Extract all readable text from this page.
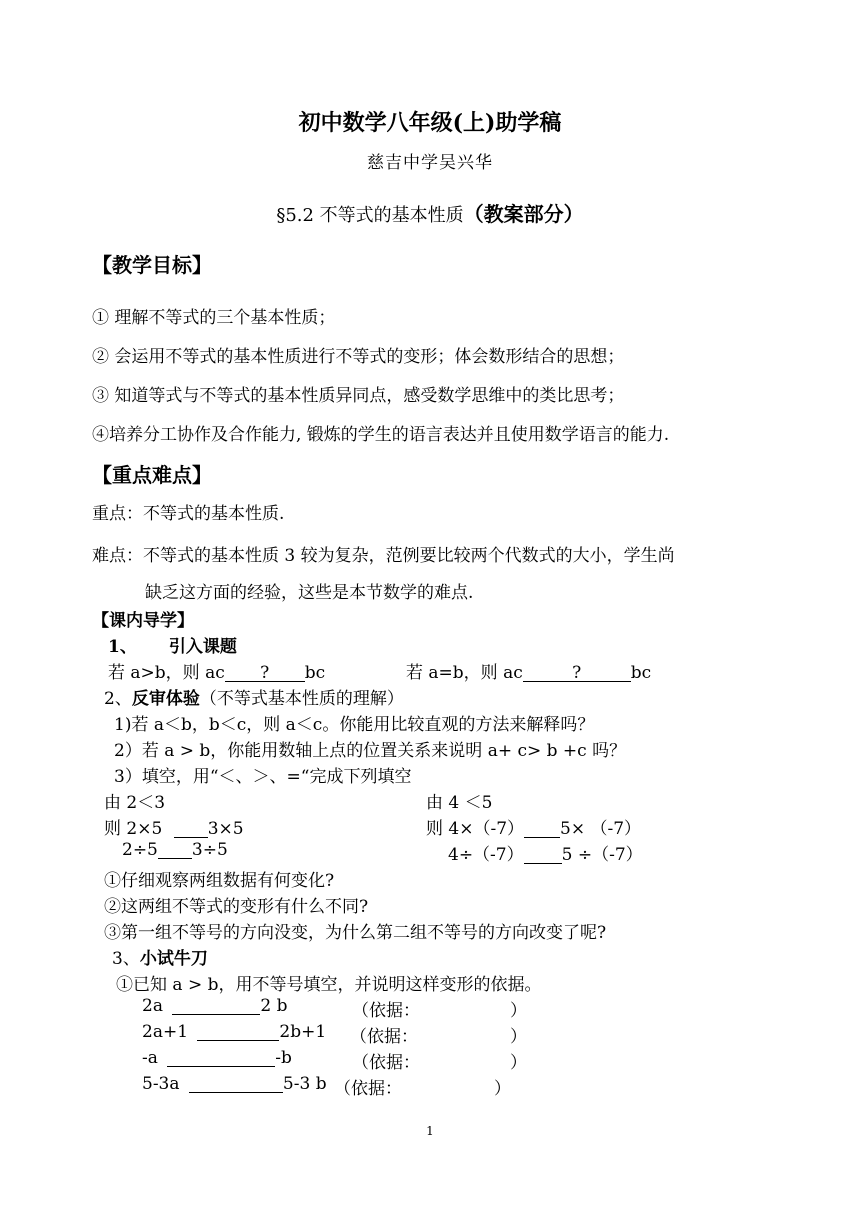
初中数学八年级(上)助学稿
慈吉中学吴兴华
§5.2 不等式的基本性质（教案部分）
【教学目标】
① 理解不等式的三个基本性质；
② 会运用不等式的基本性质进行不等式的变形；体会数形结合的思想；
③ 知道等式与不等式的基本性质异同点，感受数学思维中的类比思考；
④培养分工协作及合作能力, 锻炼的学生的语言表达并且使用数学语言的能力.
【重点难点】
重点：不等式的基本性质.
难点：不等式的基本性质 3 较为复杂，范例要比较两个代数式的大小，学生尚
缺乏这方面的经验，这些是本节数学的难点.
【课内导学】
1、 引入课题
若 a>b，则 ac ? bc	若 a=b，则 ac	?	bc
2、反审体验（不等式基本性质的理解）
1)若 a＜b，b＜c，则 a＜c。你能用比较直观的方法来解释吗？
2）若 a > b，你能用数轴上点的位置关系来说明 a+ c> b +c 吗？
3）填空，用“＜、＞、=“完成下列填空
由 2＜3	由 4 ＜5
则 2×5	3×5	则 4×（-7） 5× （-7）
2÷5 3÷5	4÷（-7） 5 ÷（-7）
①仔细观察两组数据有何变化?
②这两组不等式的变形有什么不同?
③第一组不等号的方向没变，为什么第二组不等号的方向改变了呢?
3、小试牛刀
①已知 a > b，用不等号填空，并说明这样变形的依据。
2a	2 b	（依据：	）
2a+1	2b+1 （依据：	）
-a	-b	（依据：	）
5-3a	5-3 b （依据：	）
1
